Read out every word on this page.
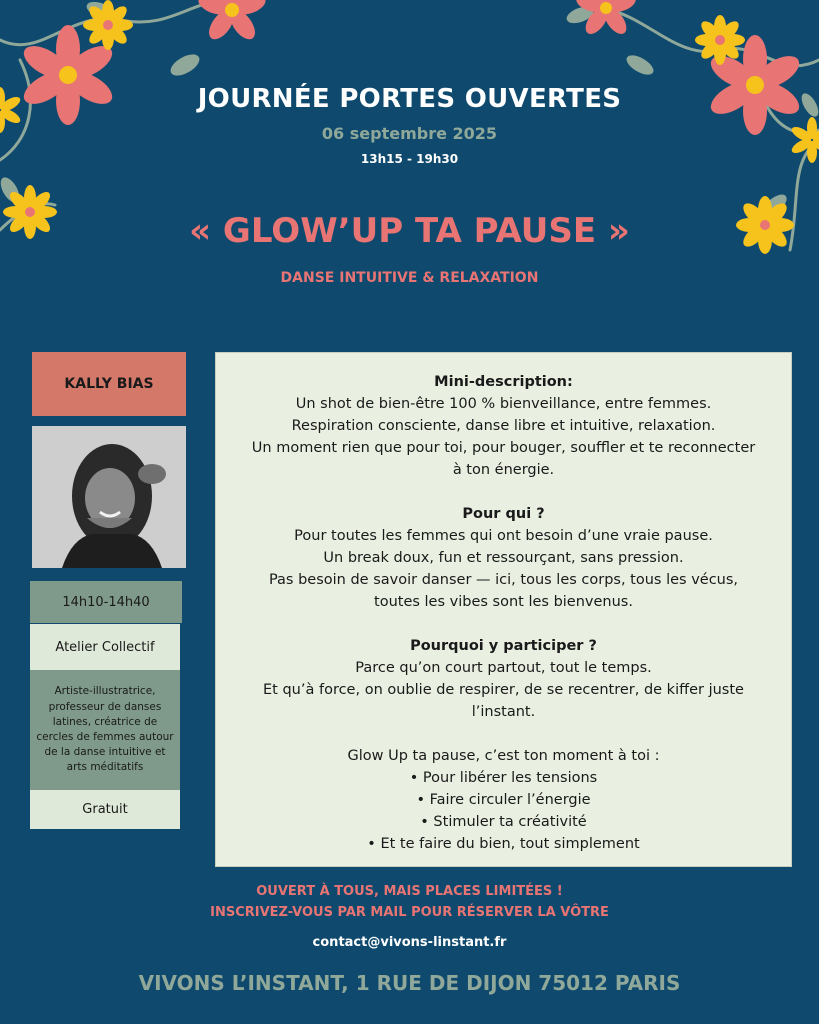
JOURNÉE PORTES OUVERTES
06 septembre 2025
13h15 - 19h30
« GLOW’UP TA PAUSE »
DANSE INTUITIVE & RELAXATION
KALLY BIAS
14h10-14h40
Atelier Collectif
Artiste-illustratrice, professeur de danses latines, créatrice de cercles de femmes autour de la danse intuitive et arts méditatifs
Gratuit
Mini-description:
Un shot de bien-être 100 % bienveillance, entre femmes.
Respiration consciente, danse libre et intuitive, relaxation.
Un moment rien que pour toi, pour bouger, souffler et te reconnecter
à ton énergie.
Pour qui ?
Pour toutes les femmes qui ont besoin d’une vraie pause.
Un break doux, fun et ressourçant, sans pression.
Pas besoin de savoir danser — ici, tous les corps, tous les vécus,
toutes les vibes sont les bienvenus.
Pourquoi y participer ?
Parce qu’on court partout, tout le temps.
Et qu’à force, on oublie de respirer, de se recentrer, de kiffer juste
l’instant.
Glow Up ta pause, c’est ton moment à toi :
• Pour libérer les tensions
• Faire circuler l’énergie
• Stimuler ta créativité
• Et te faire du bien, tout simplement
OUVERT À TOUS, MAIS PLACES LIMITÉES !
INSCRIVEZ-VOUS PAR MAIL POUR RÉSERVER LA VÔTRE
contact@vivons-linstant.fr
VIVONS L’INSTANT, 1 RUE DE DIJON 75012 PARIS
